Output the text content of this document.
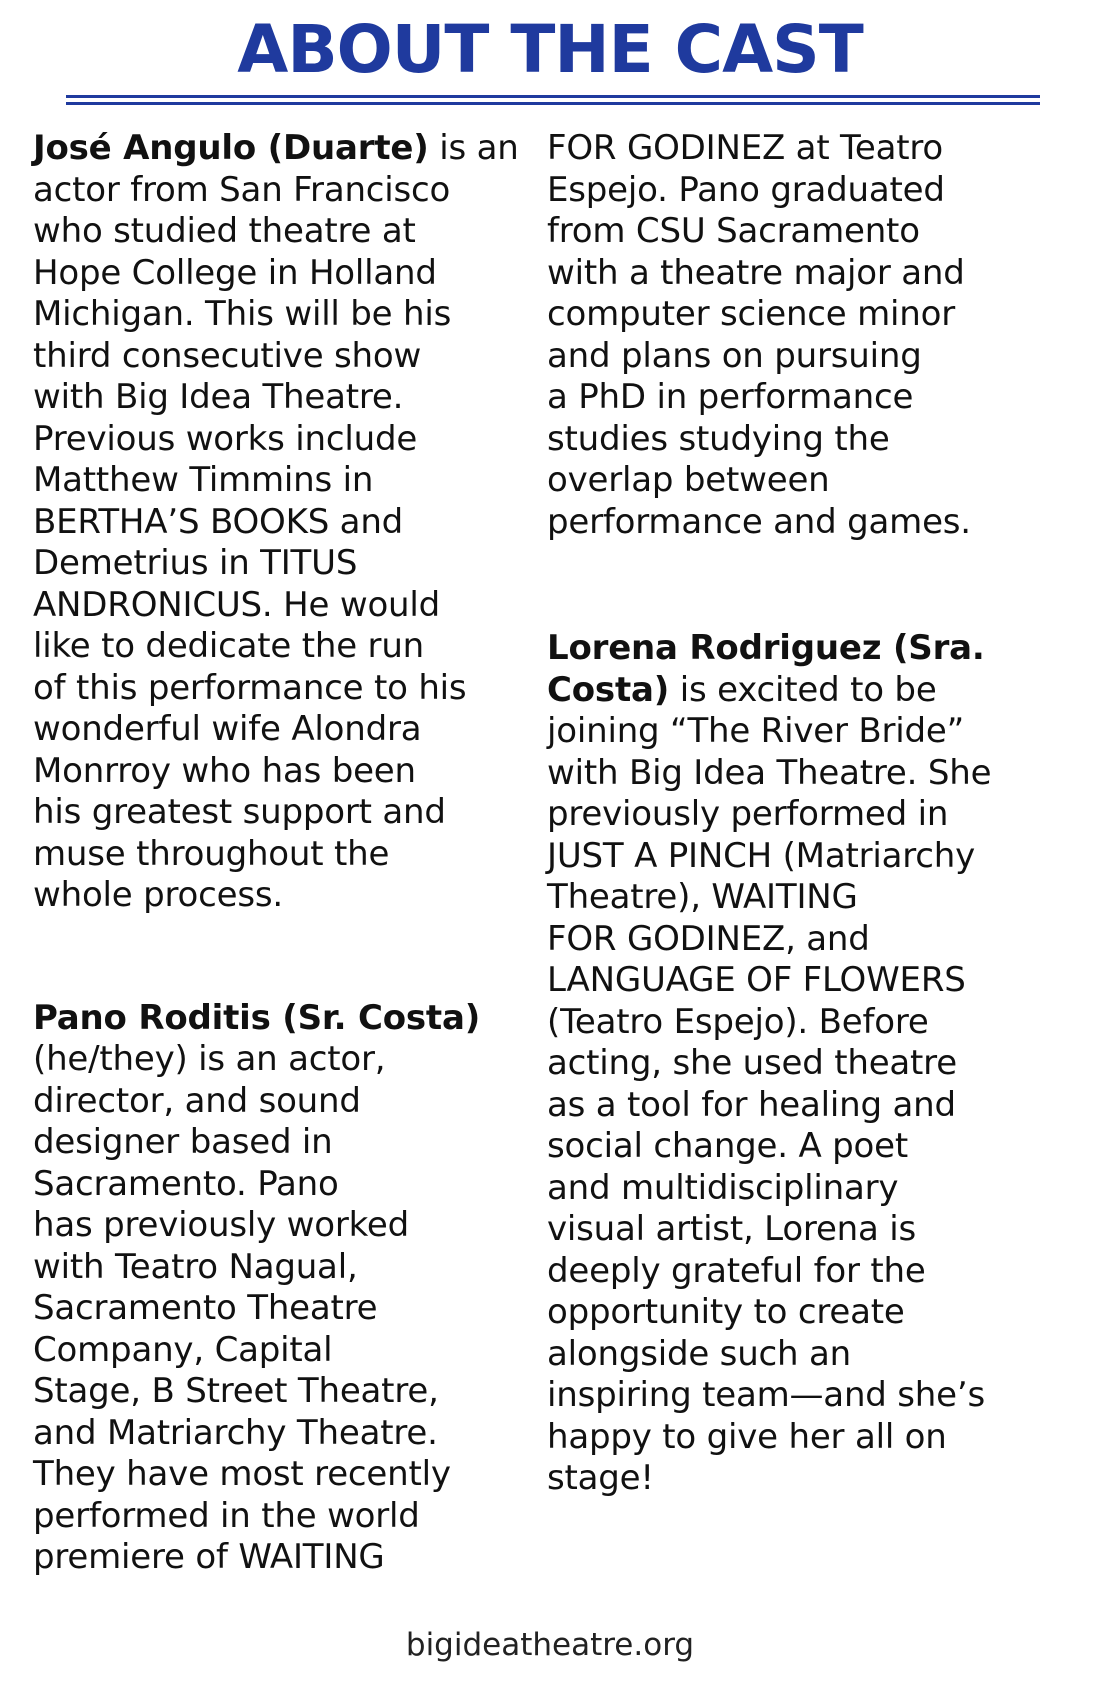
ABOUT THE CAST

José Angulo (Duarte) is an
actor from San Francisco
who studied theatre at
Hope College in Holland
Michigan. This will be his
third consecutive show
with Big Idea Theatre.
Previous works include
Matthew Timmins in
BERTHA’S BOOKS and
Demetrius in TITUS
ANDRONICUS. He would
like to dedicate the run
of this performance to his
wonderful wife Alondra
Monrroy who has been
his greatest support and
muse throughout the
whole process.

Pano Roditis (Sr. Costa)
(he/they) is an actor,
director, and sound
designer based in
Sacramento. Pano
has previously worked
with Teatro Nagual,
Sacramento Theatre
Company, Capital
Stage, B Street Theatre,
and Matriarchy Theatre.
They have most recently
performed in the world
premiere of WAITING

FOR GODINEZ at Teatro
Espejo. Pano graduated
from CSU Sacramento
with a theatre major and
computer science minor
and plans on pursuing
a PhD in performance
studies studying the
overlap between
performance and games.

Lorena Rodriguez (Sra.
Costa) is excited to be
joining “The River Bride”
with Big Idea Theatre. She
previously performed in
JUST A PINCH (Matriarchy
Theatre), WAITING
FOR GODINEZ, and
LANGUAGE OF FLOWERS
(Teatro Espejo). Before
acting, she used theatre
as a tool for healing and
social change. A poet
and multidisciplinary
visual artist, Lorena is
deeply grateful for the
opportunity to create
alongside such an
inspiring team—and she’s
happy to give her all on
stage!

bigideatheatre.org
